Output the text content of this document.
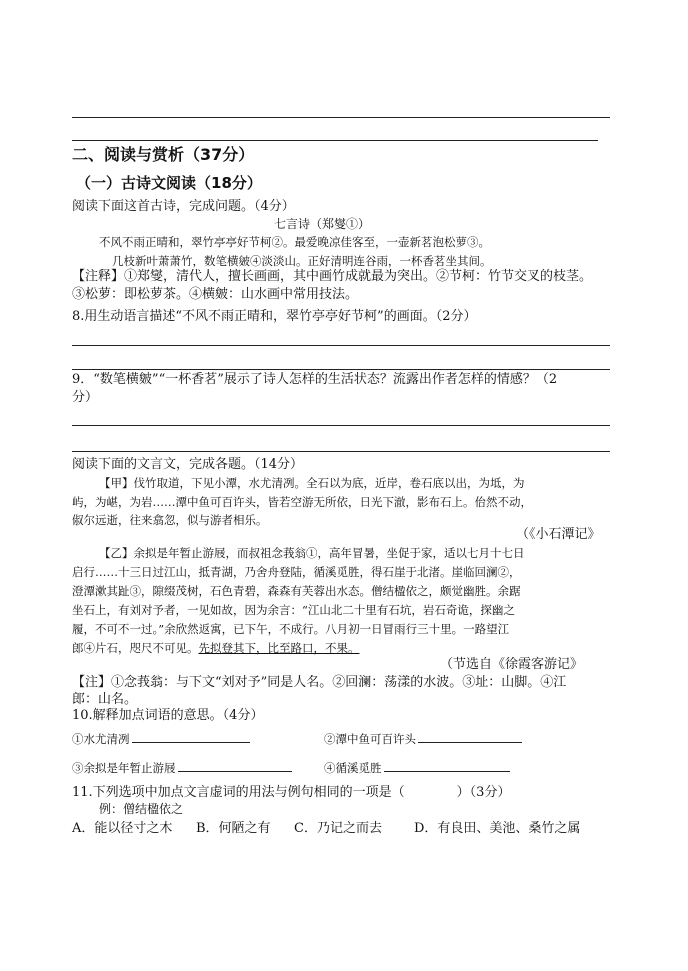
二、阅读与赏析（37分）
（一）古诗文阅读（18分）
阅读下面这首古诗，完成问题。（4分）
七言诗（郑燮①）
不风不雨正晴和，翠竹亭亭好节柯②。最爱晚凉佳客至，一壶新茗泡松萝③。
几枝新叶萧萧竹，数笔横皴④淡淡山。正好清明连谷雨，一杯香茗坐其间。
【注释】①郑燮，清代人，擅长画画，其中画竹成就最为突出。②节柯：竹节交叉的枝茎。
③松萝：即松萝茶。④横皴：山水画中常用技法。
8.用生动语言描述“不风不雨正晴和，翠竹亭亭好节柯”的画面。（2分）
9．“数笔横皴”“一杯香茗”展示了诗人怎样的生活状态？流露出作者怎样的情感？（2
分）
阅读下面的文言文，完成各题。（14分）
【甲】伐竹取道，下见小潭，水尤清冽。全石以为底，近岸，卷石底以出，为坻，为
屿，为嵁，为岩……潭中鱼可百许头，皆若空游无所依，日光下澈，影布石上。佁然不动，
俶尔远逝，往来翕忽，似与游者相乐。
（《小石潭记》
【乙】余拟是年暂止游屐，而叔祖念莪翁①，高年冒暑，坐促于家，适以七月十七日
启行……十三日过江山，抵青湖，乃舍舟登陆，循溪觅胜，得石崖于北渚。崖临回澜②，
澄潭漱其趾③，隙缀茂树，石色青碧，森森有芙蓉出水态。僧结楹依之，颇觉幽胜。余踞
坐石上，有刘对予者，一见如故，因为余言：“江山北二十里有石坑，岩石奇诡，探幽之
履，不可不一过。”余欣然返寓，已下午，不成行。八月初一日冒雨行三十里。一路望江
郎④片石，咫尺不可见。先拟登其下，比至路口，不果。
（节选自《徐霞客游记》
【注】①念莪翁：与下文“刘对予”同是人名。②回澜：荡漾的水波。③址：山脚。④江
郎：山名。
10.解释加点词语的意思。（4分）
①水尤清冽	②潭中鱼可百许头
③余拟是年暂止游屐	④循溪觅胜
11.下列选项中加点文言虚词的用法与例句相同的一项是（　　　　）（3分）
例：僧结楹依之
A．能以径寸之木 B．何陋之有 C．乃记之而去 D．有良田、美池、桑竹之属
